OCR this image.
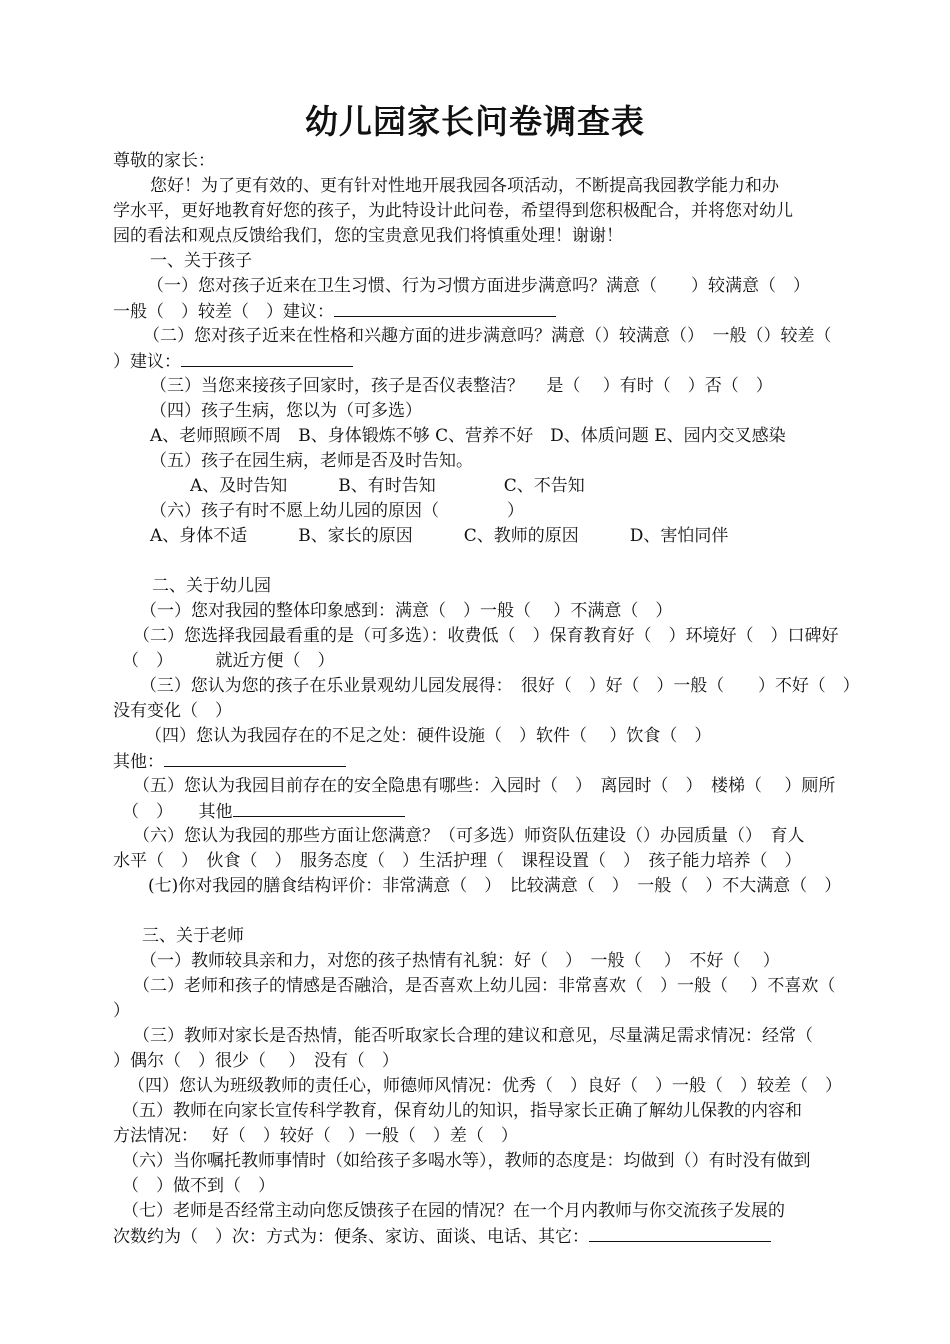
幼儿园家长问卷调查表
尊敬的家长：
您好！为了更有效的、更有针对性地开展我园各项活动，不断提高我园教学能力和办
学水平，更好地教育好您的孩子，为此特设计此问卷，希望得到您积极配合，并将您对幼儿
园的看法和观点反馈给我们，您的宝贵意见我们将慎重处理！谢谢！
一、关于孩子
（一）您对孩子近来在卫生习惯、行为习惯方面进步满意吗？满意（　　）较满意（　）
一般（　）较差（　）建议：
（二）您对孩子近来在性格和兴趣方面的进步满意吗？满意（）较满意（）　一般（）较差（
）建议：
（三）当您来接孩子回家时，孩子是否仪表整洁？　 是（　 ）有时（　）否（　）
（四）孩子生病，您以为（可多选）
A、老师照顾不周　B、身体锻炼不够 C、营养不好　D、体质问题 E、园内交叉感染
（五）孩子在园生病，老师是否及时告知。
A、及时告知　　　B、有时告知　　　　C、不告知
（六）孩子有时不愿上幼儿园的原因（　　　　）
A、身体不适　　　B、家长的原因　　　C、教师的原因　　　D、害怕同伴
二、关于幼儿园
（一）您对我园的整体印象感到：满意（　）一般（　 ）不满意（　）
（二）您选择我园最看重的是（可多选）：收费低（　）保育教育好（　）环境好（　）口碑好
（　）　　　就近方便（　）
（三）您认为您的孩子在乐业景观幼儿园发展得：　很好（　）好（　）一般（　　）不好（　）
没有变化（　）
（四）您认为我园存在的不足之处：硬件设施（　）软件（　 ）饮食（　）
其他：
（五）您认为我园目前存在的安全隐患有哪些：入园时（　）　离园时（　）　楼梯（　 ）厕所
（　）　　其他
（六）您认为我园的那些方面让您满意？（可多选）师资队伍建设（）办园质量（）　育人
水平（　）　伙食（　）　服务态度（　）生活护理（　课程设置（　）　孩子能力培养（　）
(七)你对我园的膳食结构评价：非常满意（　）　比较满意（　）　一般（　）不大满意（　）
三、关于老师
（一）教师较具亲和力，对您的孩子热情有礼貌：好（　）　一般（　 ）　不好（　 ）
（二）老师和孩子的情感是否融洽，是否喜欢上幼儿园：非常喜欢（　）一般（　 ）不喜欢（
）
（三）教师对家长是否热情，能否听取家长合理的建议和意见，尽量满足需求情况：经常（
）偶尔（　）很少（　 ）　没有（　）
（四）您认为班级教师的责任心，师德师风情况：优秀（　）良好（　）一般（　）较差（　）
（五）教师在向家长宣传科学教育，保育幼儿的知识，指导家长正确了解幼儿保教的内容和
方法情况：　 好（　）较好（　）一般（　）差（　）
（六）当你嘱托教师事情时（如给孩子多喝水等），教师的态度是：均做到（）有时没有做到
（　）做不到（　）
（七）老师是否经常主动向您反馈孩子在园的情况？在一个月内教师与你交流孩子发展的
次数约为（　）次：方式为：便条、家访、面谈、电话、其它：
